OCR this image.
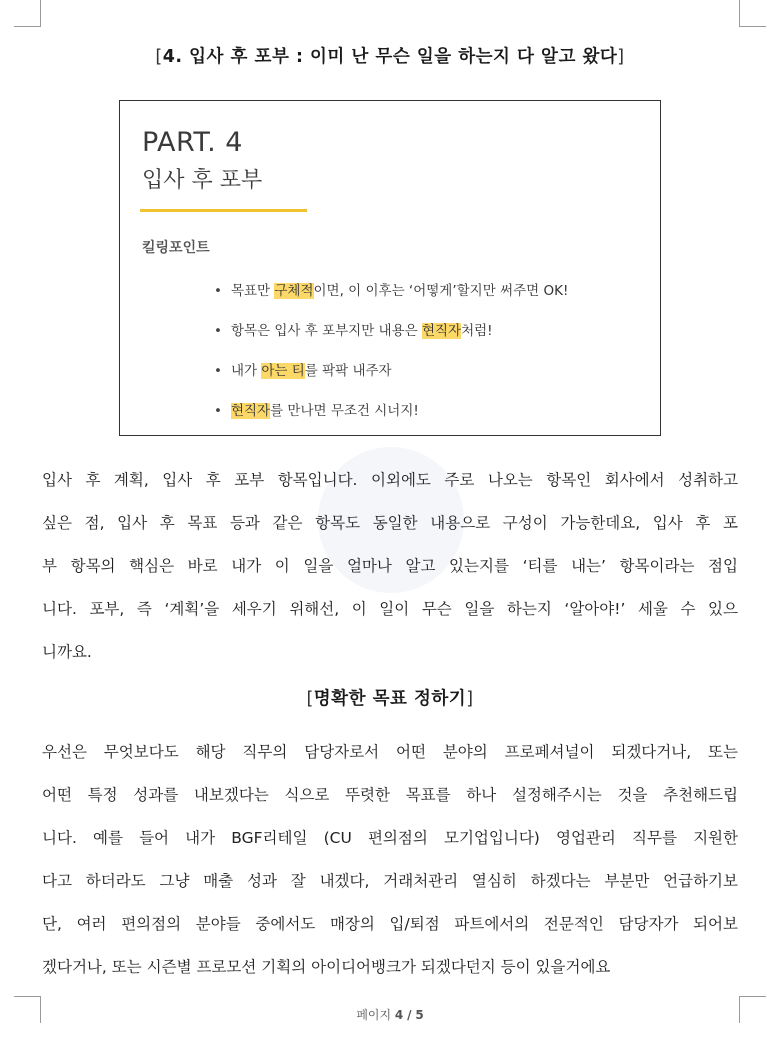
[4. 입사 후 포부 : 이미 난 무슨 일을 하는지 다 알고 왔다]
PART. 4
입사 후 포부
킬링포인트
• 목표만 구체적이면, 이 이후는 ‘어떻게’할지만 써주면 OK!
• 항목은 입사 후 포부지만 내용은 현직자처럼!
• 내가 아는 티를 팍팍 내주자
• 현직자를 만나면 무조건 시너지!
입사 후 계획, 입사 후 포부 항목입니다. 이외에도 주로 나오는 항목인 회사에서 성취하고
싶은 점, 입사 후 목표 등과 같은 항목도 동일한 내용으로 구성이 가능한데요, 입사 후 포
부 항목의 핵심은 바로 내가 이 일을 얼마나 알고 있는지를 ‘티를 내는’ 항목이라는 점입
니다. 포부, 즉 ‘계획’을 세우기 위해선, 이 일이 무슨 일을 하는지 ‘알아야!’ 세울 수 있으
니까요.
[명확한 목표 정하기]
우선은 무엇보다도 해당 직무의 담당자로서 어떤 분야의 프로페셔널이 되겠다거나, 또는
어떤 특정 성과를 내보겠다는 식으로 뚜렷한 목표를 하나 설정해주시는 것을 추천해드립
니다. 예를 들어 내가 BGF리테일 (CU 편의점의 모기업입니다) 영업관리 직무를 지원한
다고 하더라도 그냥 매출 성과 잘 내겠다, 거래처관리 열심히 하겠다는 부분만 언급하기보
단, 여러 편의점의 분야들 중에서도 매장의 입/퇴점 파트에서의 전문적인 담당자가 되어보
겠다거나, 또는 시즌별 프로모션 기획의 아이디어뱅크가 되겠다던지 등이 있을거에요
페이지 4 / 5
